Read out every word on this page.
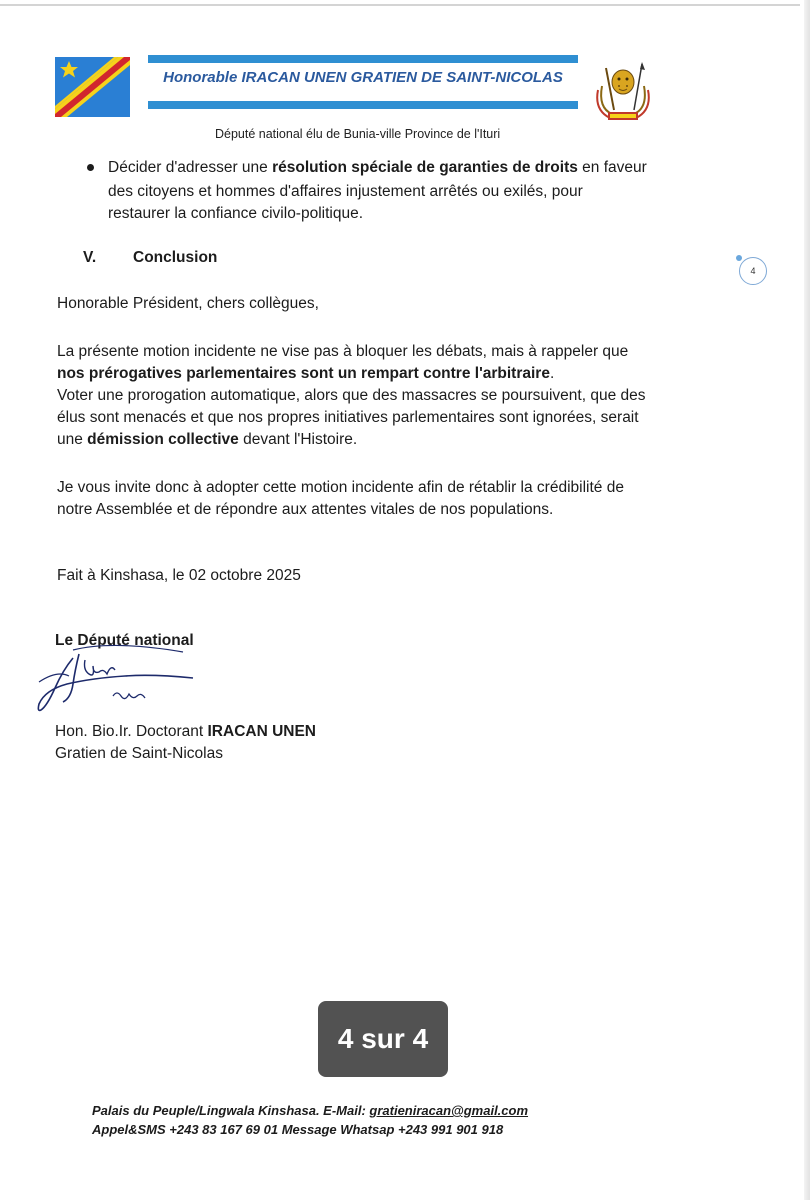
Honorable IRACAN UNEN GRATIEN DE SAINT-NICOLAS
Député national élu de Bunia-ville Province de l'Ituri
Décider d'adresser une résolution spéciale de garanties de droits en faveur
des citoyens et hommes d'affaires injustement arrêtés ou exilés, pour
restaurer la confiance civilo-politique.
V. Conclusion
4
Honorable Président, chers collègues,
La présente motion incidente ne vise pas à bloquer les débats, mais à rappeler que
nos prérogatives parlementaires sont un rempart contre l'arbitraire.
Voter une prorogation automatique, alors que des massacres se poursuivent, que des
élus sont menacés et que nos propres initiatives parlementaires sont ignorées, serait
une démission collective devant l'Histoire.
Je vous invite donc à adopter cette motion incidente afin de rétablir la crédibilité de
notre Assemblée et de répondre aux attentes vitales de nos populations.
Fait à Kinshasa, le 02 octobre 2025
Le Député national
Hon. Bio.Ir. Doctorant IRACAN UNEN
Gratien de Saint-Nicolas
4 sur 4
Palais du Peuple/Lingwala Kinshasa. E-Mail: gratieniracan@gmail.com
Appel&SMS +243 83 167 69 01 Message Whatsap +243 991 901 918
